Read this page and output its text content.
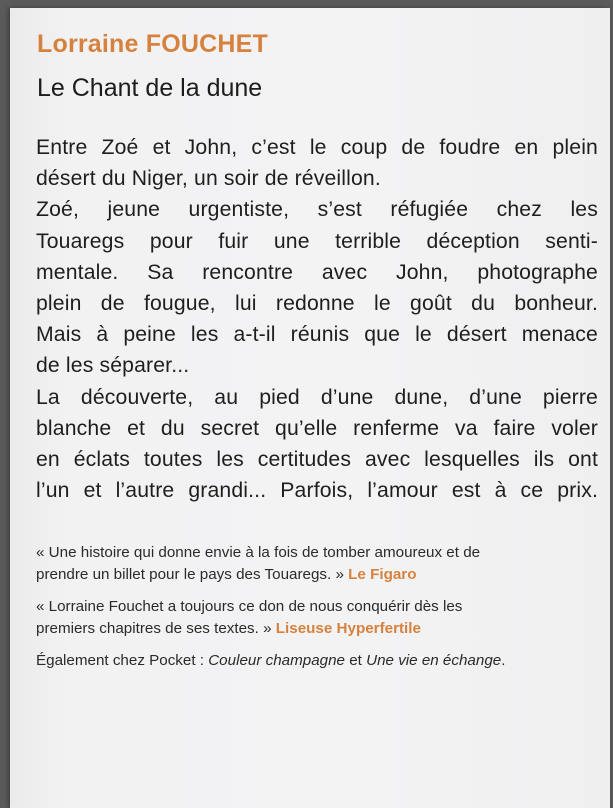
Lorraine FOUCHET
Le Chant de la dune
Entre Zoé et John, c’est le coup de foudre en plein
désert du Niger, un soir de réveillon.
Zoé, jeune urgentiste, s’est réfugiée chez les
Touaregs pour fuir une terrible déception senti-
mentale. Sa rencontre avec John, photographe
plein de fougue, lui redonne le goût du bonheur.
Mais à peine les a-t-il réunis que le désert menace
de les séparer...
La découverte, au pied d’une dune, d’une pierre
blanche et du secret qu’elle renferme va faire voler
en éclats toutes les certitudes avec lesquelles ils ont
l’un et l’autre grandi... Parfois, l’amour est à ce prix.

« Une histoire qui donne envie à la fois de tomber amoureux et de
prendre un billet pour le pays des Touaregs. » Le Figaro

« Lorraine Fouchet a toujours ce don de nous conquérir dès les
premiers chapitres de ses textes. » Liseuse Hyperfertile

Également chez Pocket : Couleur champagne et Une vie en échange.
